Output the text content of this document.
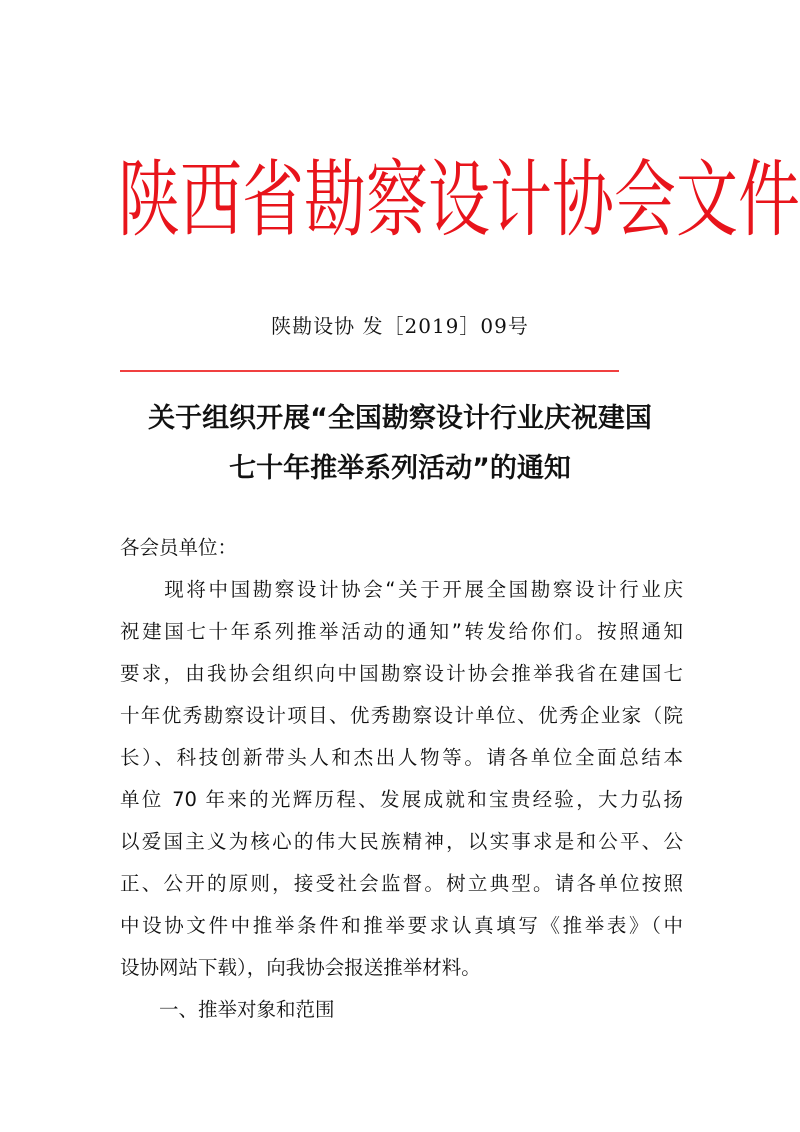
陕西省勘察设计协会文件
陕勘设协 发［2019］09号
关于组织开展“全国勘察设计行业庆祝建国
七十年推举系列活动”的通知
各会员单位：
　　现将中国勘察设计协会“关于开展全国勘察设计行业庆
祝建国七十年系列推举活动的通知”转发给你们。按照通知
要求，由我协会组织向中国勘察设计协会推举我省在建国七
十年优秀勘察设计项目、优秀勘察设计单位、优秀企业家（院
长）、科技创新带头人和杰出人物等。请各单位全面总结本
单位 70 年来的光辉历程、发展成就和宝贵经验，大力弘扬
以爱国主义为核心的伟大民族精神，以实事求是和公平、公
正、公开的原则，接受社会监督。树立典型。请各单位按照
中设协文件中推举条件和推举要求认真填写《推举表》（中
设协网站下载），向我协会报送推举材料。
　　一、推举对象和范围
